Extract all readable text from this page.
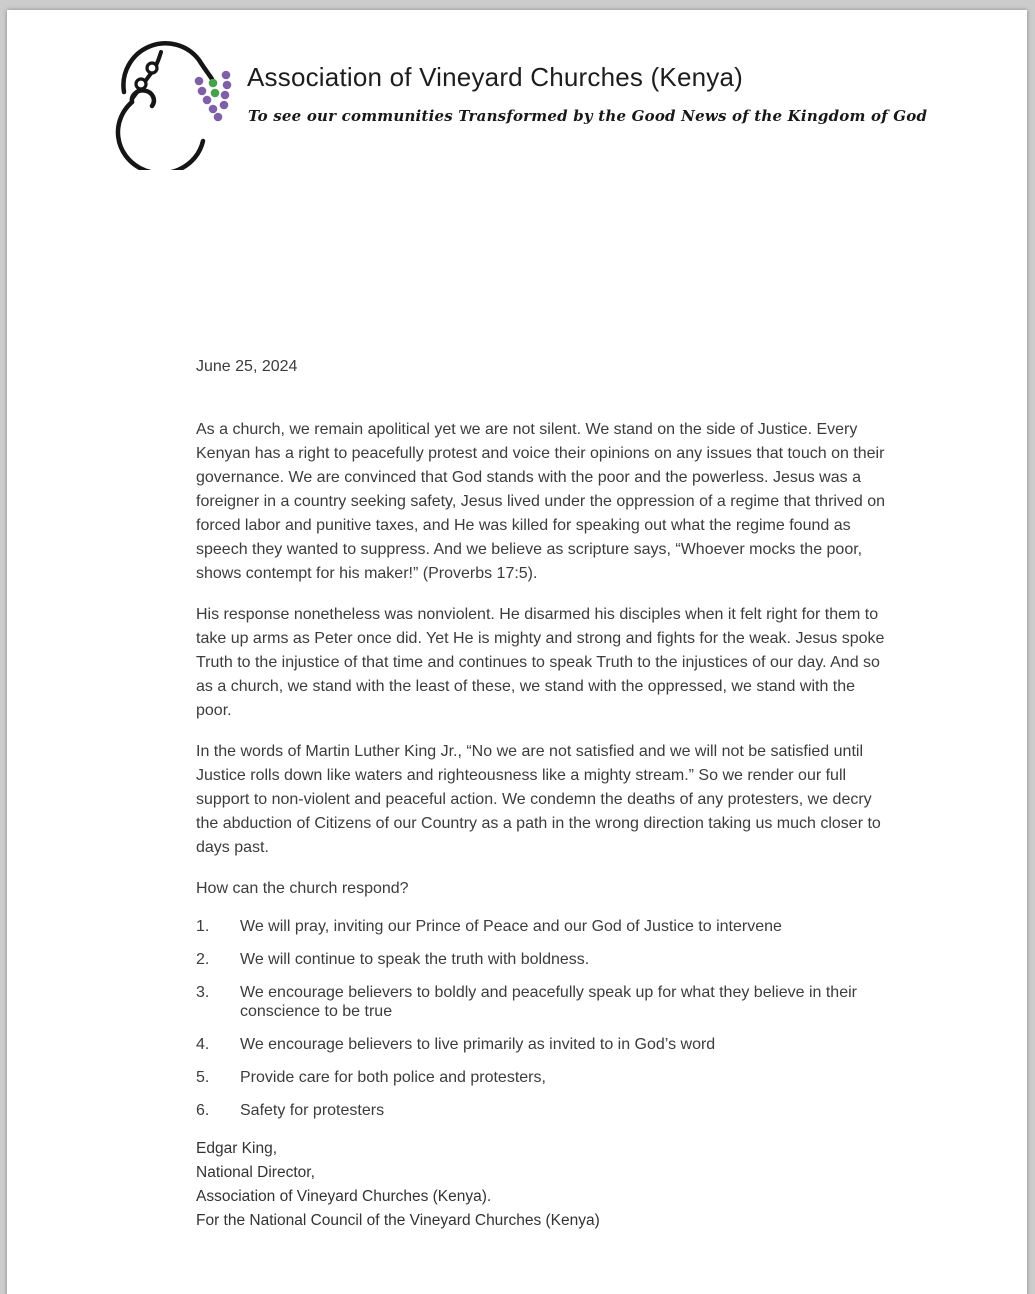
Association of Vineyard Churches (Kenya)
To see our communities Transformed by the Good News of the Kingdom of God

June 25, 2024

As a church, we remain apolitical yet we are not silent. We stand on the side of Justice. Every Kenyan has a right to peacefully protest and voice their opinions on any issues that touch on their governance. We are convinced that God stands with the poor and the powerless. Jesus was a foreigner in a country seeking safety, Jesus lived under the oppression of a regime that thrived on forced labor and punitive taxes, and He was killed for speaking out what the regime found as speech they wanted to suppress. And we believe as scripture says, “Whoever mocks the poor, shows contempt for his maker!” (Proverbs 17:5).

His response nonetheless was nonviolent. He disarmed his disciples when it felt right for them to take up arms as Peter once did. Yet He is mighty and strong and fights for the weak. Jesus spoke Truth to the injustice of that time and continues to speak Truth to the injustices of our day. And so as a church, we stand with the least of these, we stand with the oppressed, we stand with the poor.

In the words of Martin Luther King Jr., “No we are not satisfied and we will not be satisfied until Justice rolls down like waters and righteousness like a mighty stream.” So we render our full support to non-violent and peaceful action. We condemn the deaths of any protesters, we decry the abduction of Citizens of our Country as a path in the wrong direction taking us much closer to days past.

How can the church respond?

1.	We will pray, inviting our Prince of Peace and our God of Justice to intervene
2.	We will continue to speak the truth with boldness.
3.	We encourage believers to boldly and peacefully speak up for what they believe in their conscience to be true
4.	We encourage believers to live primarily as invited to in God’s word
5.	Provide care for both police and protesters,
6.	Safety for protesters
Edgar King,
National Director,
Association of Vineyard Churches (Kenya).
For the National Council of the Vineyard Churches (Kenya)
